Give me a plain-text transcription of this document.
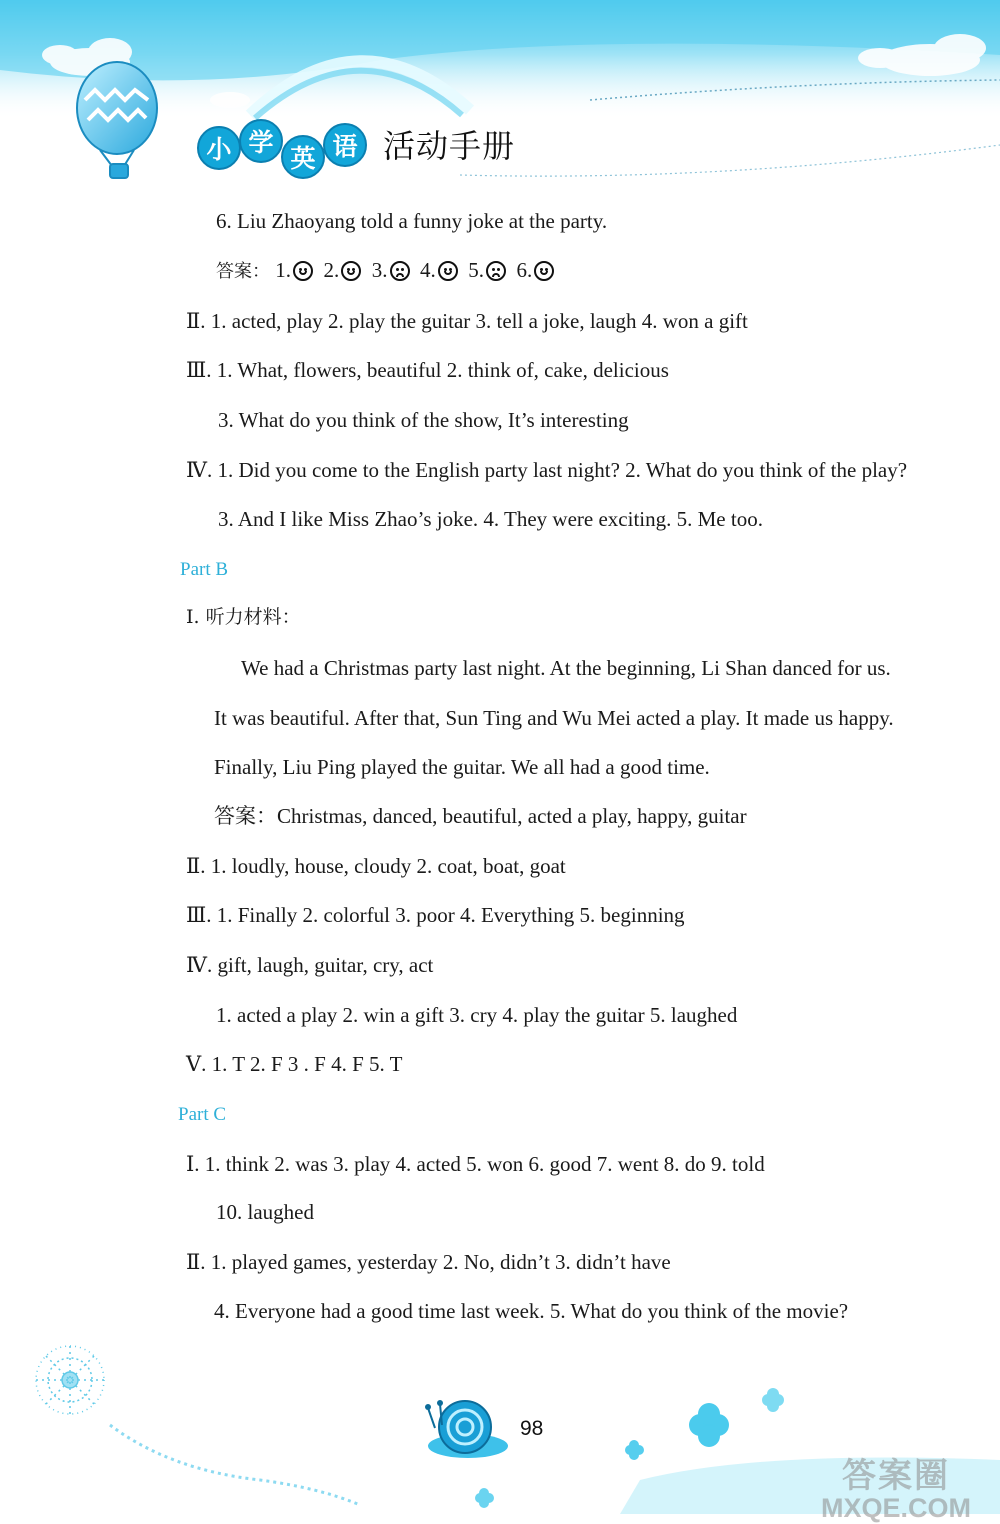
小 学
英 语 活动手册
6. Liu Zhaoyang told a funny joke at the party.
答案： 1. 2. 3. 4. 5. 6.
Ⅱ. 1. acted, play 2. play the guitar 3. tell a joke, laugh 4. won a gift
Ⅲ. 1. What, flowers, beautiful 2. think of, cake, delicious
3. What do you think of the show, It’s interesting
Ⅳ. 1. Did you come to the English party last night? 2. What do you think of the play?
3. And I like Miss Zhao’s joke. 4. They were exciting. 5. Me too.
Part B
Ⅰ. 听力材料：
We had a Christmas party last night. At the beginning, Li Shan danced for us.
It was beautiful. After that, Sun Ting and Wu Mei acted a play. It made us happy.
Finally, Liu Ping played the guitar. We all had a good time.
答案：Christmas, danced, beautiful, acted a play, happy, guitar
Ⅱ. 1. loudly, house, cloudy 2. coat, boat, goat
Ⅲ. 1. Finally 2. colorful 3. poor 4. Everything 5. beginning
Ⅳ. gift, laugh, guitar, cry, act
1. acted a play 2. win a gift 3. cry 4. play the guitar 5. laughed
Ⅴ. 1. T 2. F 3 . F 4. F 5. T
Part C
Ⅰ. 1. think 2. was 3. play 4. acted 5. won 6. good 7. went 8. do 9. told
10. laughed
Ⅱ. 1. played games, yesterday 2. No, didn’t 3. didn’t have
4. Everyone had a good time last week. 5. What do you think of the movie?
98
答案圈
MXQE.COM
